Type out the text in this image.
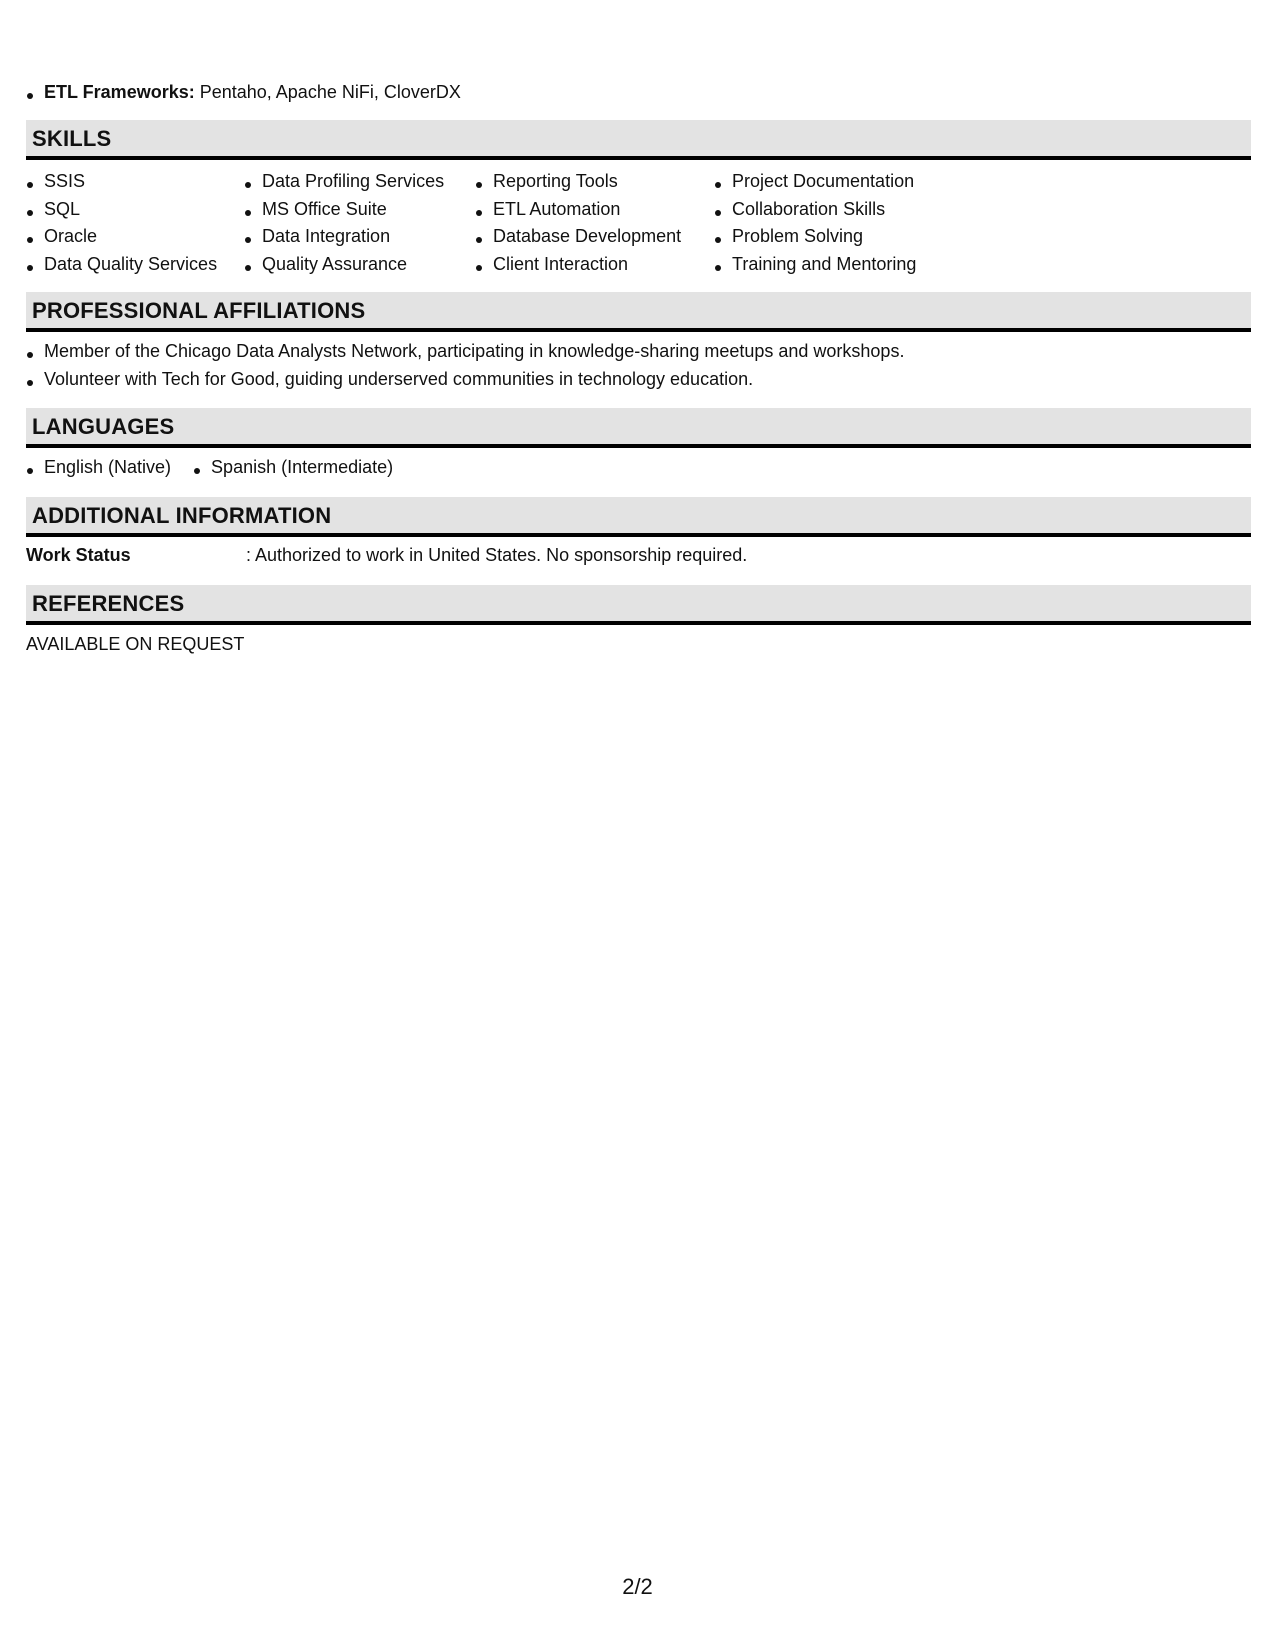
ETL Frameworks: Pentaho, Apache NiFi, CloverDX
SKILLS
SSIS
SQL
Oracle
Data Quality Services
Data Profiling Services
MS Office Suite
Data Integration
Quality Assurance
Reporting Tools
ETL Automation
Database Development
Client Interaction
Project Documentation
Collaboration Skills
Problem Solving
Training and Mentoring
PROFESSIONAL AFFILIATIONS
Member of the Chicago Data Analysts Network, participating in knowledge-sharing meetups and workshops.
Volunteer with Tech for Good, guiding underserved communities in technology education.
LANGUAGES
English (Native) Spanish (Intermediate)
ADDITIONAL INFORMATION
Work Status	: Authorized to work in United States. No sponsorship required.
REFERENCES
AVAILABLE ON REQUEST
2/2
